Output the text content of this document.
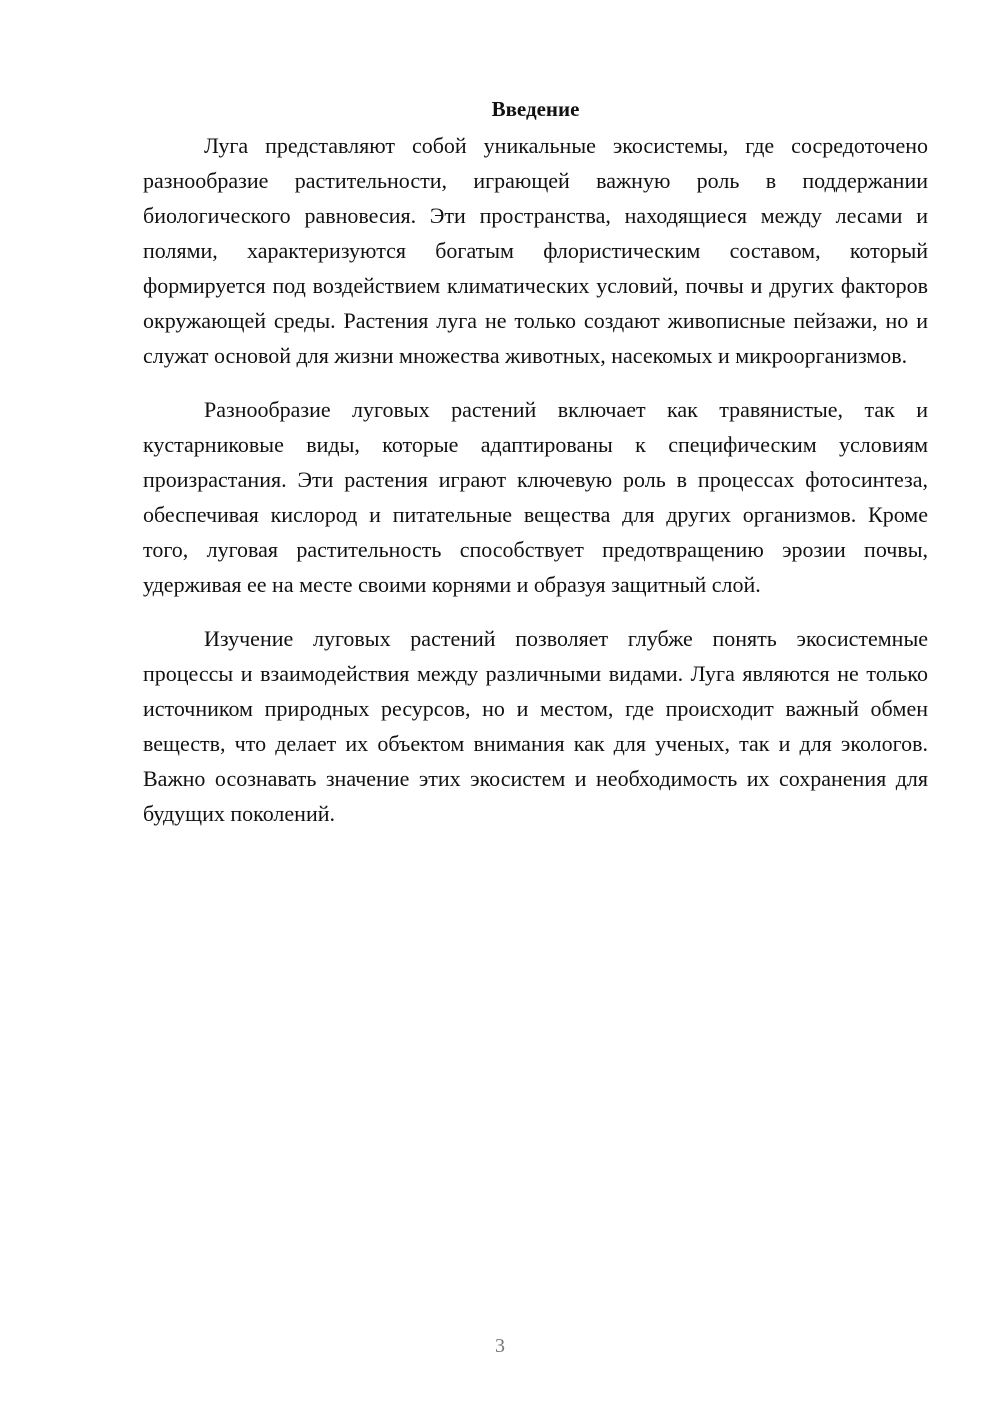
Введение

Луга представляют собой уникальные экосистемы, где сосредоточено разнообразие растительности, играющей важную роль в поддержании биологического равновесия. Эти пространства, находящиеся между лесами и полями, характеризуются богатым флористическим составом, который формируется под воздействием климатических условий, почвы и других факторов окружающей среды. Растения луга не только создают живописные пейзажи, но и служат основой для жизни множества животных, насекомых и микроорганизмов.

Разнообразие луговых растений включает как травянистые, так и кустарниковые виды, которые адаптированы к специфическим условиям произрастания. Эти растения играют ключевую роль в процессах фотосинтеза, обеспечивая кислород и питательные вещества для других организмов. Кроме того, луговая растительность способствует предотвращению эрозии почвы, удерживая ее на месте своими корнями и образуя защитный слой.

Изучение луговых растений позволяет глубже понять экосистемные процессы и взаимодействия между различными видами. Луга являются не только источником природных ресурсов, но и местом, где происходит важный обмен веществ, что делает их объектом внимания как для ученых, так и для экологов. Важно осознавать значение этих экосистем и необходимость их сохранения для будущих поколений.

3
